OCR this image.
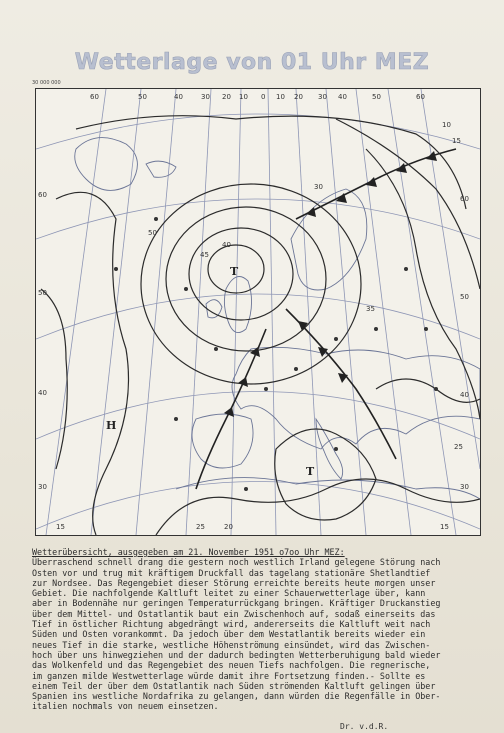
Wetterlage von 01 Uhr MEZ
30 000 000
60	50	40	30 20 10 0 10 20 30 40	50	60
60
60
50
50
40
40
30
30
15	20
25	15
10
15
50
45
40
35
30
25
T
H
T
Wetterübersicht, ausgegeben am 21. November 1951 o7oo Uhr MEZ:
Überraschend schnell drang die gestern noch westlich Irland gelegene Störung nach
Osten vor und trug mit kräftigem Druckfall das tagelang stationäre Shetlandtief
zur Nordsee. Das Regengebiet dieser Störung erreichte bereits heute morgen unser
Gebiet. Die nachfolgende Kaltluft leitet zu einer Schauerwetterlage über, kann
aber in Bodennähe nur geringen Temperaturrückgang bringen. Kräftiger Druckanstieg
über dem Mittel- und Ostatlantik baut ein Zwischenhoch auf, sodaß einerseits das
Tief in östlicher Richtung abgedrängt wird, andererseits die Kaltluft weit nach
Süden und Osten vorankommt. Da jedoch über dem Westatlantik bereits wieder ein
neues Tief in die starke, westliche Höhenströmung einsündet, wird das Zwischen-
hoch über uns hinwegziehen und der dadurch bedingten Wetterberuhigung bald wieder
das Wolkenfeld und das Regengebiet des neuen Tiefs nachfolgen. Die regnerische,
im ganzen milde Westwetterlage würde damit ihre Fortsetzung finden.- Sollte es
einem Teil der über dem Ostatlantik nach Süden strömenden Kaltluft gelingen über
Spanien ins westliche Nordafrika zu gelangen, dann würden die Regenfälle in Ober-
italien nochmals von neuem einsetzen.
Dr. v.d.R.
